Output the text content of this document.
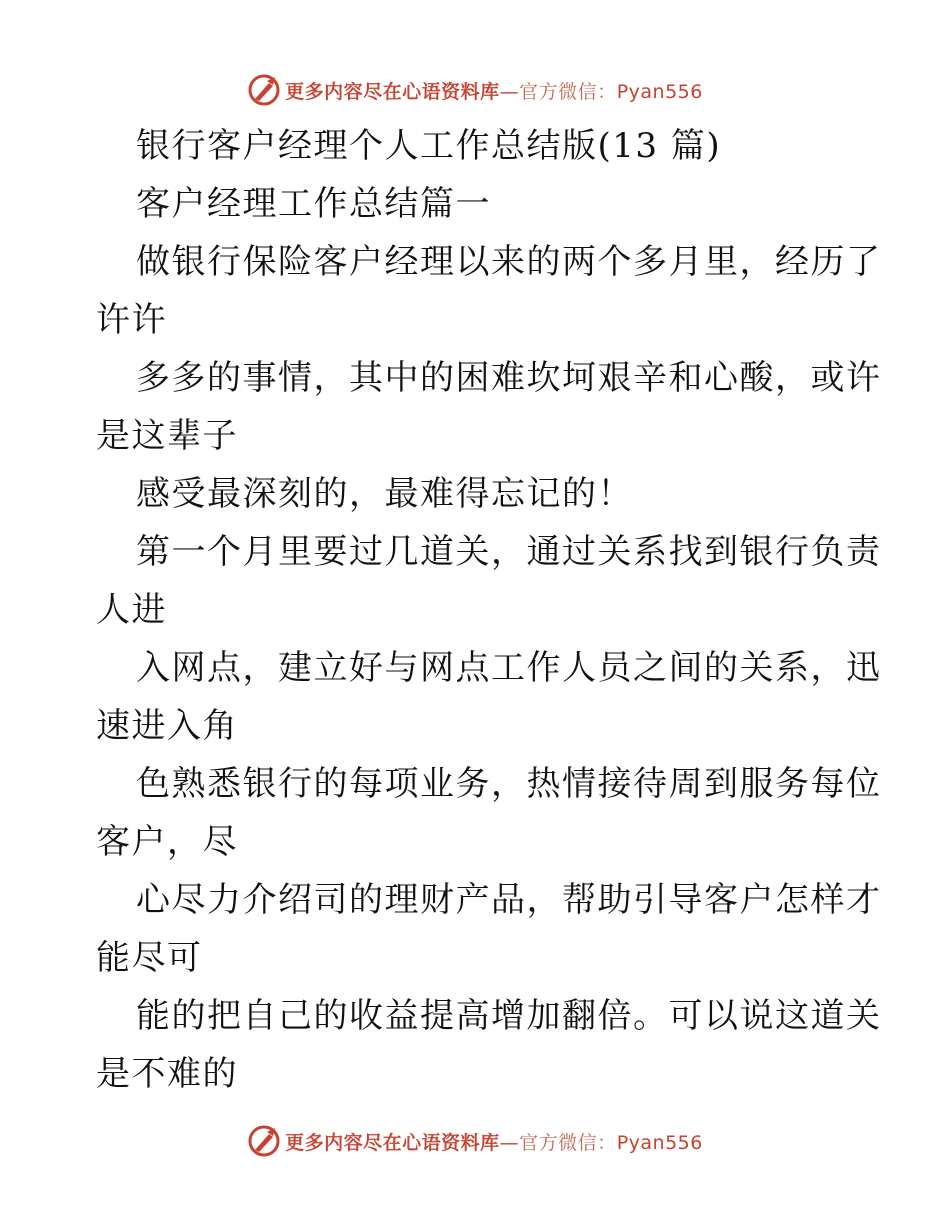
更多内容尽在心语资料库—官方微信：Pyan556
银行客户经理个人工作总结版(13 篇)
客户经理工作总结篇一
做银行保险客户经理以来的两个多月里，经历了
许许
多多的事情，其中的困难坎坷艰辛和心酸，或许
是这辈子
感受最深刻的，最难得忘记的！
第一个月里要过几道关，通过关系找到银行负责
人进
入网点，建立好与网点工作人员之间的关系，迅
速进入角
色熟悉银行的每项业务，热情接待周到服务每位
客户，尽
心尽力介绍司的理财产品，帮助引导客户怎样才
能尽可
能的把自己的收益提高增加翻倍。可以说这道关
是不难的
更多内容尽在心语资料库—官方微信：Pyan556
